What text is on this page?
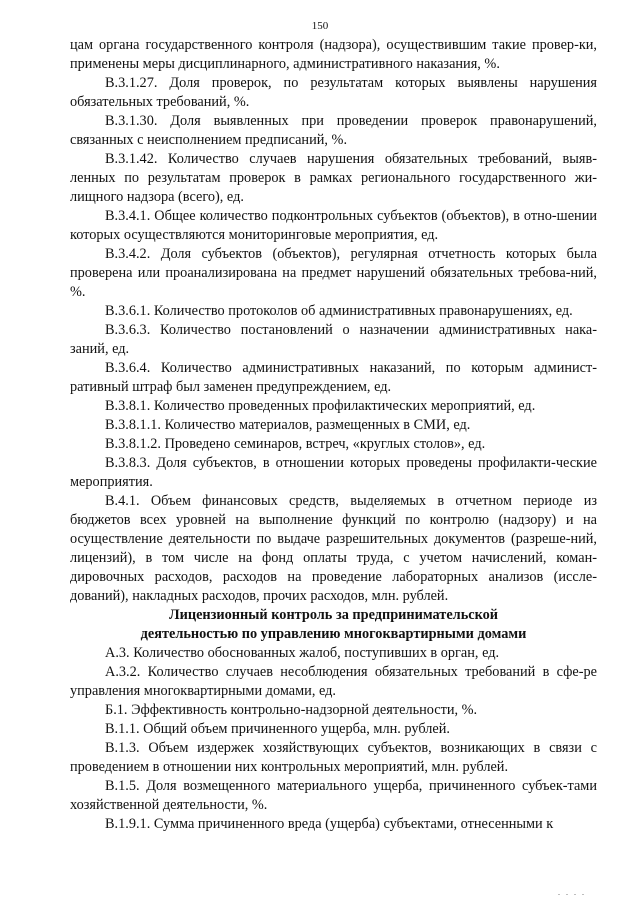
150

цам органа государственного контроля (надзора), осуществившим такие провер-ки, применены меры дисциплинарного, административного наказания, %.

В.3.1.27. Доля проверок, по результатам которых выявлены нарушения обязательных требований, %.

В.3.1.30. Доля выявленных при проведении проверок правонарушений, связанных с неисполнением предписаний, %.

В.3.1.42. Количество случаев нарушения обязательных требований, выяв-ленных по результатам проверок в рамках регионального государственного жи-лищного надзора (всего), ед.

В.3.4.1. Общее количество подконтрольных субъектов (объектов), в отно-шении которых осуществляются мониторинговые мероприятия, ед.

В.3.4.2. Доля субъектов (объектов), регулярная отчетность которых была проверена или проанализирована на предмет нарушений обязательных требова-ний, %.

В.3.6.1. Количество протоколов об административных правонарушениях, ед.

В.3.6.3. Количество постановлений о назначении административных нака-заний, ед.

В.3.6.4. Количество административных наказаний, по которым админист-ративный штраф был заменен предупреждением, ед.

В.3.8.1. Количество проведенных профилактических мероприятий, ед.

В.3.8.1.1. Количество материалов, размещенных в СМИ, ед.

В.3.8.1.2. Проведено семинаров, встреч, «круглых столов», ед.

В.3.8.3. Доля субъектов, в отношении которых проведены профилакти-ческие мероприятия.

В.4.1. Объем финансовых средств, выделяемых в отчетном периоде из бюджетов всех уровней на выполнение функций по контролю (надзору) и на осуществление деятельности по выдаче разрешительных документов (разреше-ний, лицензий), в том числе на фонд оплаты труда, с учетом начислений, коман-дировочных расходов, расходов на проведение лабораторных анализов (иссле-дований), накладных расходов, прочих расходов, млн. рублей.

Лицензионный контроль за предпринимательской
деятельностью по управлению многоквартирными домами

А.3. Количество обоснованных жалоб, поступивших в орган, ед.

А.3.2. Количество случаев несоблюдения обязательных требований в сфе-ре управления многоквартирными домами, ед.

Б.1. Эффективность контрольно-надзорной деятельности, %.

В.1.1. Общий объем причиненного ущерба, млн. рублей.

В.1.3. Объем издержек хозяйствующих субъектов, возникающих в связи с проведением в отношении них контрольных мероприятий, млн. рублей.

В.1.5. Доля возмещенного материального ущерба, причиненного субъек-тами хозяйственной деятельности, %.

В.1.9.1. Сумма причиненного вреда (ущерба) субъектами, отнесенными к

. . . .
